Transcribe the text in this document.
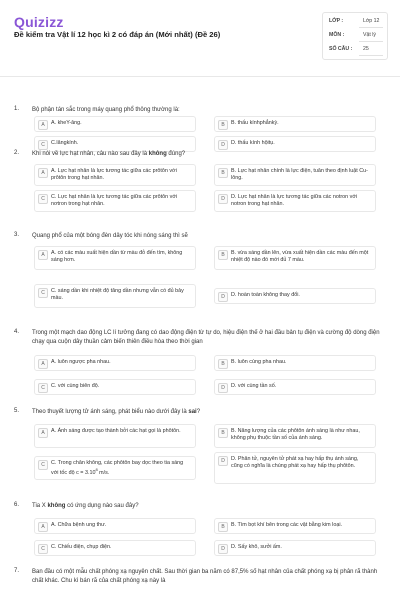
Quizizz
Đề kiểm tra Vật lí 12 học kì 2 có đáp án (Mới nhất) (Đề 26)
LỚP :	Lớp 12
MÔN :	Vật lý
SỐ CÂU : 25
1. Bộ phận tán sắc trong máy quang phổ thông thường là:
A	A. kheY-âng.	B	B. thấu kínhphẳnkỳ.
C	C.lăngkính.	D	D. thấu kính hộitụ.
2. Khi nói về lực hạt nhân, câu nào sau đây là không đúng?
A	A. Lực hạt nhân là lực tương tác giữa các prôtôn với prôtôn trong hạt nhân.
B	B. Lực hạt nhân chính là lực điện, tuân theo định luật Cu-lông.
C	C. Lực hạt nhân là lực tương tác giữa các prôtôn với nơtron trong hạt nhân.
D	D. Lực hạt nhân là lực tương tác giữa các notron với notron trong hạt nhân.
3. Quang phổ của một bóng đèn dây tóc khi nóng sáng thì sẽ
A	A. có các màu xuất hiện dần từ màu đỏ đến tím, không sáng hơn.
B	B. vừa sáng dần lên, vừa xuất hiện dần các màu đến một nhiệt độ nào đó mới đủ 7 màu.
C	C. sáng dần khi nhiệt độ tăng dần nhưng vẫn có đủ bảy màu.	D	D. hoàn toàn không thay đổi.
4. Trong một mạch dao động LC lí tưởng đang có dao động điện từ tự do, hiệu điện thế ở hai đầu bản tụ điện và cường độ dòng điện chạy qua cuộn dây thuần cảm biến thiên điều hòa theo thời gian
A	A. luôn ngược pha nhau.	B	B. luôn cùng pha nhau.
C	C. với cùng biên độ.	D	D. với cùng tần số.
5. Theo thuyết lượng tử ánh sáng, phát biểu nào dưới đây là sai?
A	A. Ánh sáng được tạo thành bởi các hạt gọi là phôtôn.	B	B. Năng lượng của các phôtôn ánh sáng là như nhau, không phụ thuộc tần số của ánh sáng.
C	C. Trong chân không, các phôtôn bay dọc theo tia sáng với tốc độ $c = 3.10^8$ m/s.
D	D. Phân tử, nguyên tử phát xạ hay hấp thụ ánh sáng, cũng có nghĩa là chúng phát xạ hay hấp thụ phôtôn.
6. Tia X không có ứng dụng nào sau đây?
A	A. Chữa bệnh ung thư.	B	B. Tìm bọt khí bên trong các vật bằng kim loại.
C	C. Chiếu điện, chụp điện.	D	D. Sấy khô, sưởi ấm.
7. Ban đầu có một mẫu chất phóng xạ nguyên chất. Sau thời gian ba năm có 87,5% số hạt nhân của chất phóng xạ bị phân rã thành chất khác. Chu kì bán rã của chất phóng xạ này là
